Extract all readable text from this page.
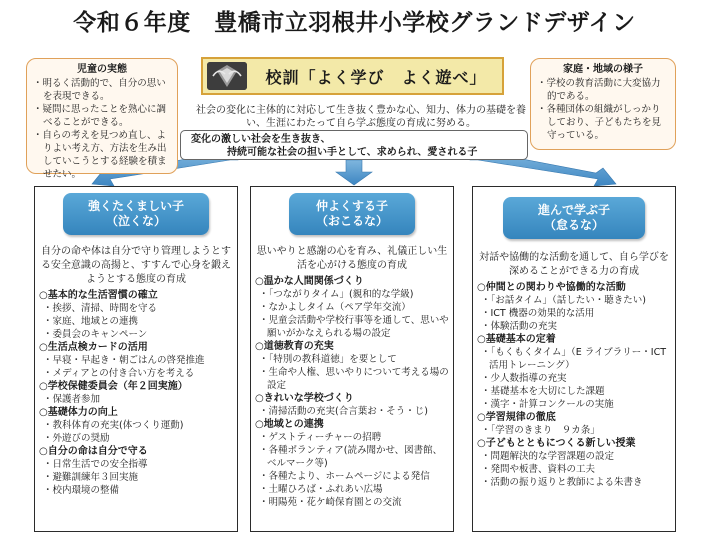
令和６年度　豊橋市立羽根井小学校グランドデザイン
児童の実態
・明るく活動的で、自分の思いを表現できる。
・疑問に思ったことを熟心に調べることができる。
・自らの考えを見つめ直し、よりよい考え方、方法を生み出していこうとする経験を積ませたい。
家庭・地域の様子
・学校の教育活動に大変協力的である。
・各種団体の組織がしっかりしており、子どもたちを見守っている。
校訓「よく学び　よく遊べ」
社会の変化に主体的に対応して生き抜く豊かな心、知力、体力の基礎を養い、生涯にわたって自ら学ぶ態度の育成に努める。
変化の激しい社会を生き抜き、
持続可能な社会の担い手として、求められ、愛される子
強くたくましい子
（泣くな）
自分の命や体は自分で守り管理しようとする安全意識の高揚と、すすんで心身を鍛えようとする態度の育成
○基本的な生活習慣の確立
・挨拶、清掃、時間を守る
・家庭、地域との連携
・委員会のキャンペーン
○生活点検カードの活用
・早寝・早起き・朝ごはんの啓発推進
・メディアとの付き合い方を考える
○学校保健委員会（年２回実施）
・保護者参加
○基礎体力の向上
・教科体育の充実(体つくり運動)
・外遊びの奨励
○自分の命は自分で守る
・日常生活での安全指導
・避難訓練年３回実施
・校内環境の整備
仲よくする子
（おこるな）
思いやりと感謝の心を育み、礼儀正しい生活を心がける態度の育成
○温かな人間関係づくり
・「つながりタイム」(親和的な学級)
・なかよしタイム（ペア学年交流）
・児童会活動や学校行事等を通して、思いや願いがかなえられる場の設定
○道徳教育の充実
・「特別の教科道徳」を要として
・生命や人権、思いやりについて考える場の設定
○きれいな学校づくり
・清掃活動の充実(合言葉お・そう・じ)
○地域との連携
・ゲストティーチャーの招聘
・各種ボランティア(読み聞かせ、図書館、ベルマーク等)
・各種たより、ホームページによる発信
・土曜ひろば・ふれあい広場
・明陽苑・花ケ崎保育園との交流
進んで学ぶ子
（怠るな）
対話や協働的な活動を通して、自ら学びを深めることができる力の育成
○仲間との関わりや協働的な活動
・「お話タイム」（話したい・聴きたい)
・ICT 機器の効果的な活用
・体験活動の充実
○基礎基本の定着
・「もくもくタイム」（E ライブラリー・ICT 活用トレーニング）
・少人数指導の充実
・基礎基本を大切にした課題
・漢字・計算コンクールの実施
○学習規律の徹底
・「学習のきまり　９カ条」
○子どもとともにつくる新しい授業
・問題解決的な学習課題の設定
・発問や板書、資料の工夫
・活動の振り返りと教師による朱書き
